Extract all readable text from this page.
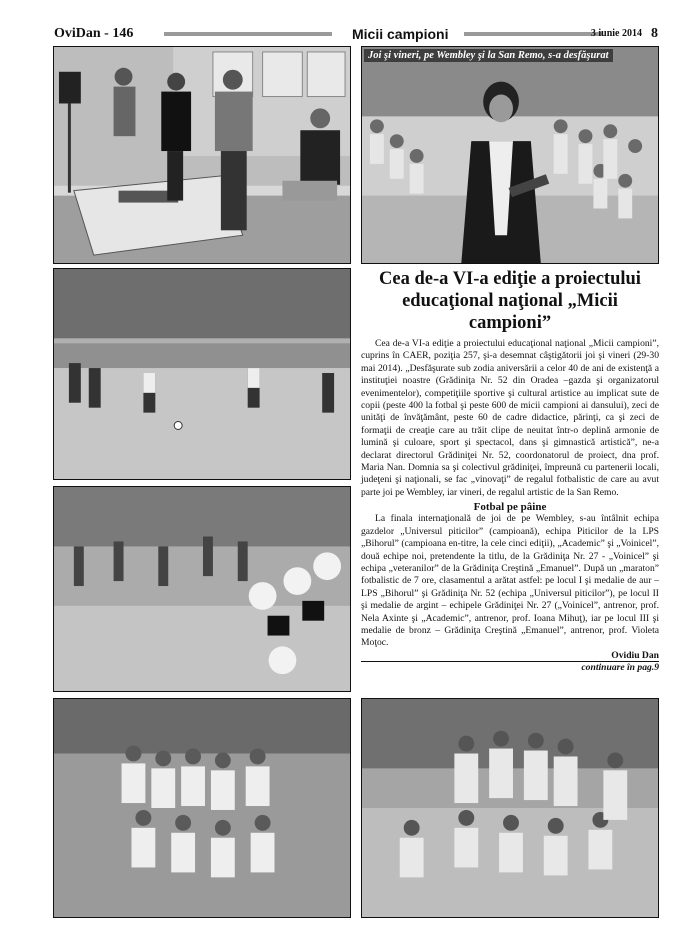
OviDan - 146	Micii campioni	3 iunie 2014 8
Joi şi vineri, pe Wembley şi la San Remo, s-a desfăşurat
Cea de-a VI-a ediţie a proiectului educaţional naţional „Micii campioni”

Cea de-a VI-a ediţie a proiectului educaţional naţional „Micii campioni”, cuprins în CAER, poziţia 257, şi-a desemnat câştigătorii joi şi vineri (29-30 mai 2014). „Desfăşurate sub zodia aniversării a celor 40 de ani de existenţă a instituţiei noastre (Grădiniţa Nr. 52 din Oradea –gazda şi organizatorul evenimentelor), competiţiile sportive şi cultural artistice au implicat sute de copii (peste 400 la fotbal şi peste 600 de micii campioni ai dansului), zeci de unităţi de învăţământ, peste 60 de cadre didactice, părinţi, ca şi zeci de formaţii de creaţie care au trăit clipe de neuitat într-o deplină armonie de lumină şi culoare, sport şi spectacol, dans şi gimnastică artistică”, ne-a declarat directorul Grădiniţei Nr. 52, coordonatorul de proiect, dna prof. Maria Nan. Domnia sa şi colectivul grădiniţei, împreună cu partenerii locali, judeţeni şi naţionali, se fac „vinovaţi” de regalul fotbalistic de care au avut parte joi pe Wembley, iar vineri, de regalul artistic de la San Remo.

Fotbal pe pâine

La finala internaţională de joi de pe Wembley, s-au întâlnit echipa gazdelor „Universul piticilor” (campioană), echipa Piticilor de la LPS „Bihorul” (campioana en-titre, la cele cinci ediţii), „Academic” şi „Voinicel”, două echipe noi, pretendente la titlu, de la Grădiniţa Nr. 27 - „Voinicel” şi echipa „veteranilor” de la Grădiniţa Creştină „Emanuel”. După un „maraton” fotbalistic de 7 ore, clasamentul a arătat astfel: pe locul I şi medalie de aur – LPS „Bihorul” şi Grădiniţa Nr. 52 (echipa „Universul piticilor”), pe locul II şi medalie de argint – echipele Grădiniţei Nr. 27 („Voinicel”, antrenor, prof. Nela Axinte şi „Academic”, antrenor, prof. Ioana Mihuţ), iar pe locul III şi medalie de bronz – Grădiniţa Creştină „Emanuel”, antrenor, prof. Violeta Moţoc.

Ovidiu Dan

continuare în pag.9
